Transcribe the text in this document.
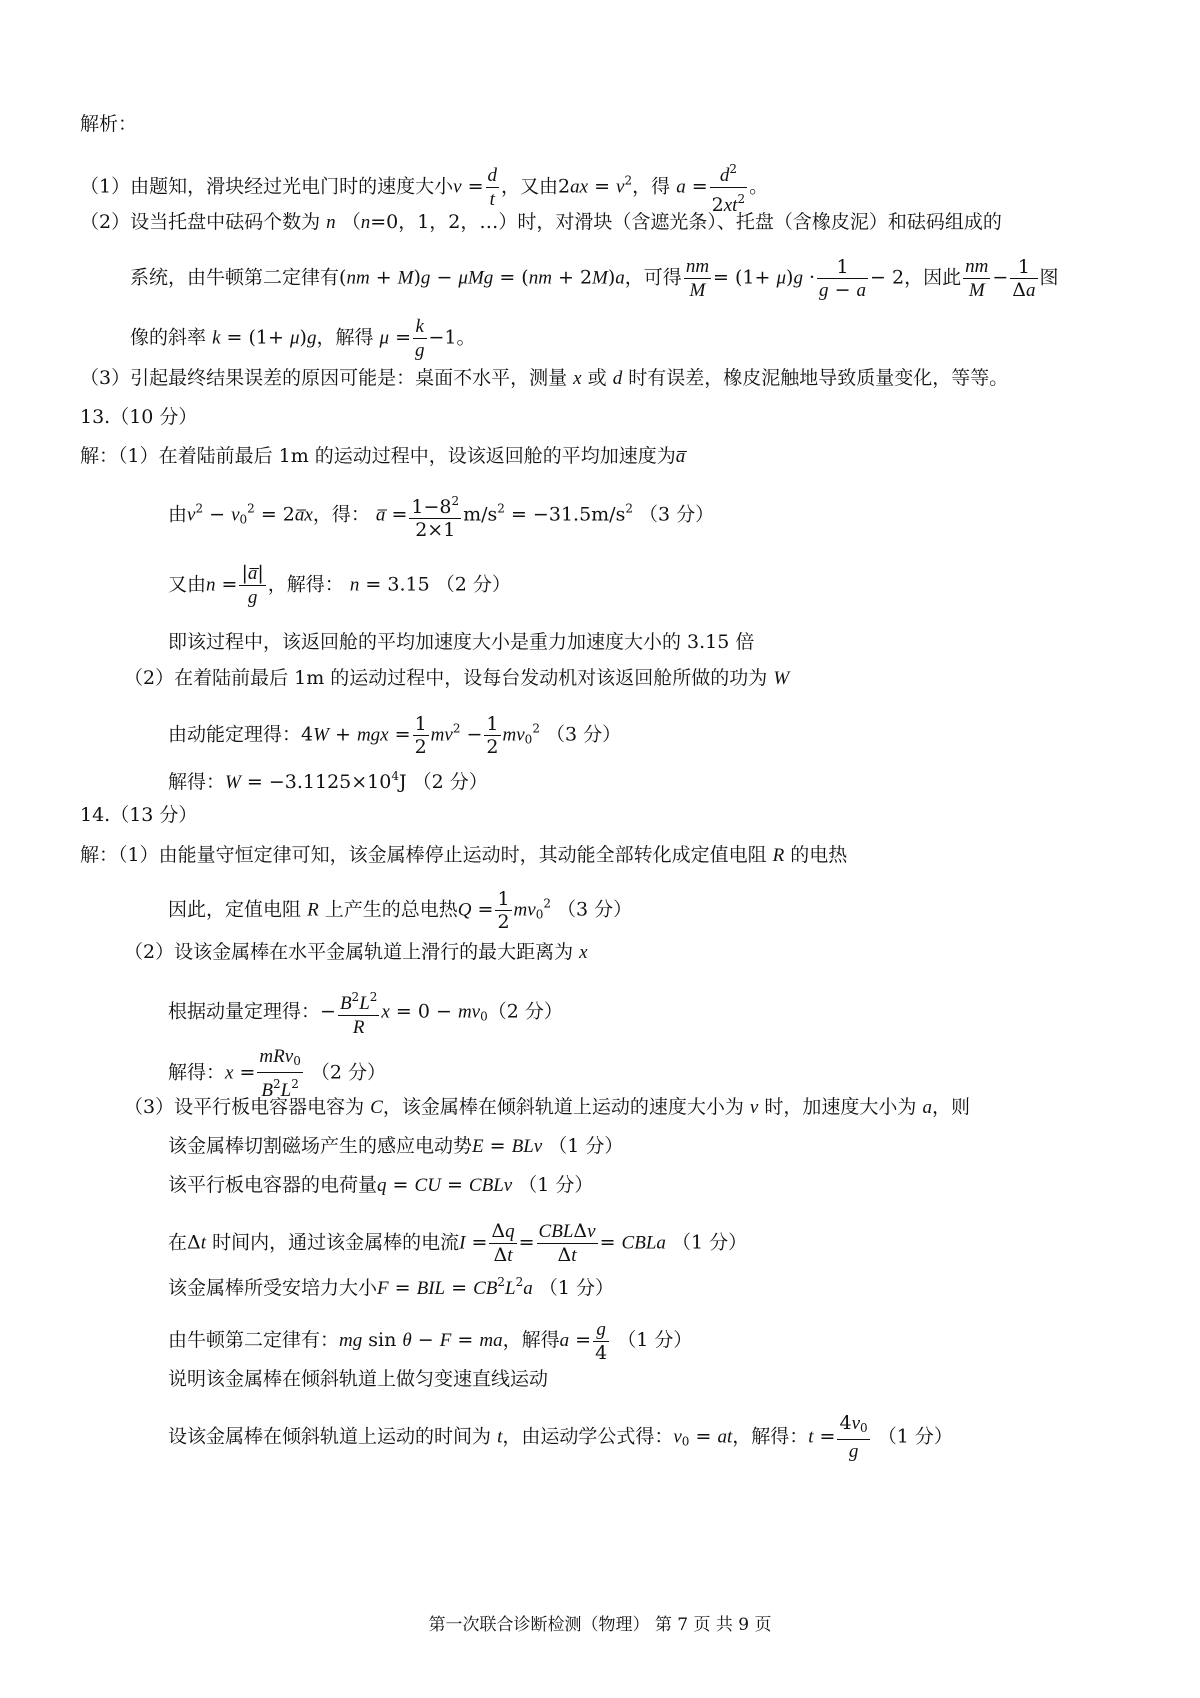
解析：
（1）由题知，滑块经过光电门时的速度大小$v = \frac{d}{t}$ ，又由$2ax = v^2$，得 $a = \frac{d^2}{2xt^2}$ 。
（2）设当托盘中砝码个数为 n （n=0，1，2，…）时，对滑块（含遮光条）、托盘（含橡皮泥）和砝码组成的
系统，由牛顿第二定律有(nm + M)g − μMg = (nm + 2M)a，可得 $\frac{nm}{M} = (1+ \mu)g \cdot \frac{1}{g - a} - 2$，因此 $\frac{nm}{M} - \frac{1}{\Delta a}$ 图
像的斜率 k = (1+ μ)g，解得 $\mu = \frac{k}{g} -1$。
（3）引起最终结果误差的原因可能是：桌面不水平，测量 x 或 d 时有误差，橡皮泥触地导致质量变化，等等。
13.（10 分）
解：（1）在着陆前最后 1m 的运动过程中，设该返回舱的平均加速度为a̅
由$v^2 - v0^2$ = 2a̅x，得： a̅ = $\frac{1-8^2}{2\times 1} m/s^2 = -31.5m/s^2$ （3 分）
又由$n = \frac{|a̅|}{g}$ ，解得： n = 3.15 （2 分）
即该过程中，该返回舱的平均加速度大小是重力加速度大小的 3.15 倍
（2）在着陆前最后 1m 的运动过程中，设每台发动机对该返回舱所做的功为 W
由动能定理得：4W + mgx = $\frac{1}{2} mv^2 - \frac{1}{2} mv0^2$ （3 分）
解得：$W = -3.1125\times 10^4J$ （2 分）
14.（13 分）
解：（1）由能量守恒定律可知，该金属棒停止运动时，其动能全部转化成定值电阻 R 的电热
因此，定值电阻 R 上产生的总电热$Q = \frac{1}{2} mv0^2$ （3 分）
（2）设该金属棒在水平金属轨道上滑行的最大距离为 x
根据动量定理得：− $\frac{B^2L^2}{R}$ x = 0 − mv0（2 分）
解得：$x = \frac{\text{mRv0}}{B^2L^2} (2$ 分）
（3）设平行板电容器电容为 C，该金属棒在倾斜轨道上运动的速度大小为 v 时，加速度大小为 a，则
该金属棒切割磁场产生的感应电动势E = BLv （1 分）
该平行板电容器的电荷量q = CU = CBLv （1 分）
在Δt 时间内，通过该金属棒的电流$I = \frac{\Delta q}{\Delta t} = \frac{\text{CBLΔv}}{\Delta t}$ = CBLa （1 分）
该金属棒所受安培力大小F = BIL = $CB^2L^2a$ （1 分）
由牛顿第二定律有：mg sin θ − F = ma，解得$a = \frac{g}{4} (1$ 分）
说明该金属棒在倾斜轨道上做匀变速直线运动
设该金属棒在倾斜轨道上运动的时间为 t，由运动学公式得：v0 = at，解得：$t = \frac{4v0}{g} (1$ 分）
第一次联合诊断检测（物理） 第 7 页 共 9 页
